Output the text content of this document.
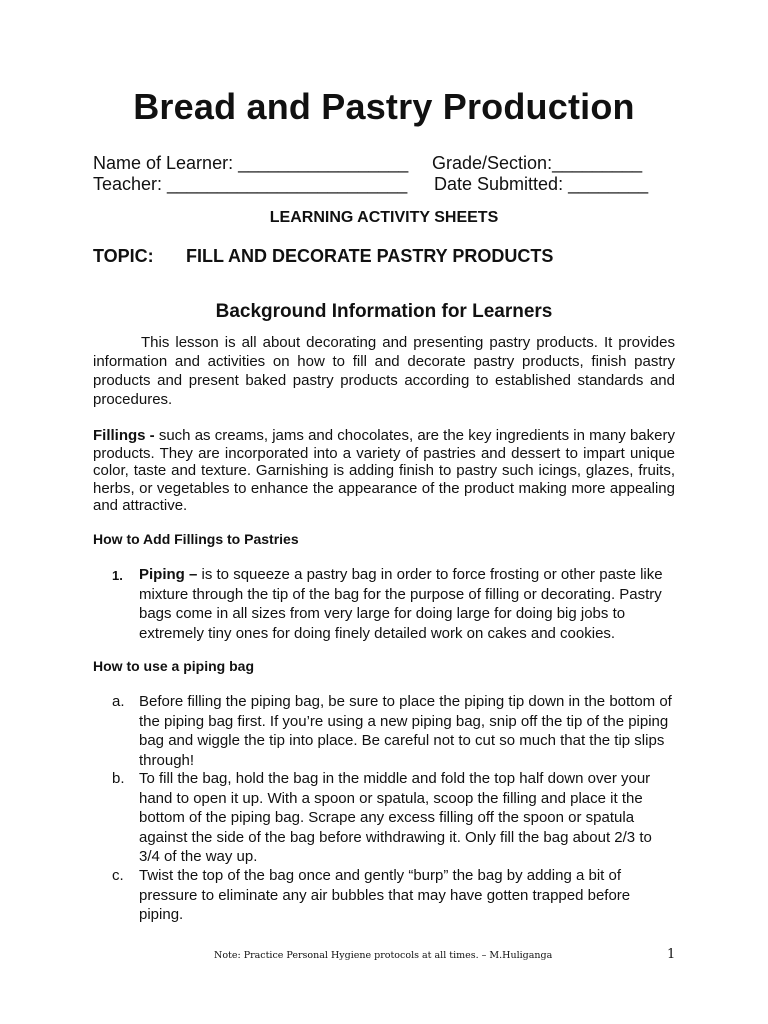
Bread and Pastry Production
Name of Learner: _________________ Grade/Section:_________
Teacher: ________________________ Date Submitted: ________
LEARNING ACTIVITY SHEETS
TOPIC: FILL AND DECORATE PASTRY PRODUCTS
Background Information for Learners

This lesson is all about decorating and presenting pastry products. It provides information and activities on how to fill and decorate pastry products, finish pastry products and present baked pastry products according to established standards and procedures.

Fillings - such as creams, jams and chocolates, are the key ingredients in many bakery products. They are incorporated into a variety of pastries and dessert to impart unique color, taste and texture. Garnishing is adding finish to pastry such icings, glazes, fruits, herbs, or vegetables to enhance the appearance of the product making more appealing and attractive.

How to Add Fillings to Pastries
1.	Piping – is to squeeze a pastry bag in order to force frosting or other paste like mixture through the tip of the bag for the purpose of filling or decorating. Pastry bags come in all sizes from very large for doing large for doing big jobs to extremely tiny ones for doing finely detailed work on cakes and cookies.
How to use a piping bag
a. Before filling the piping bag, be sure to place the piping tip down in the bottom of the piping bag first. If you’re using a new piping bag, snip off the tip of the piping bag and wiggle the tip into place. Be careful not to cut so much that the tip slips through!
b. To fill the bag, hold the bag in the middle and fold the top half down over your hand to open it up. With a spoon or spatula, scoop the filling and place it the bottom of the piping bag. Scrape any excess filling off the spoon or spatula against the side of the bag before withdrawing it. Only fill the bag about 2/3 to 3/4 of the way up.
c.	Twist the top of the bag once and gently “burp” the bag by adding a bit of pressure to eliminate any air bubbles that may have gotten trapped before piping.
Note: Practice Personal Hygiene protocols at all times. – M.Huliganga	1
